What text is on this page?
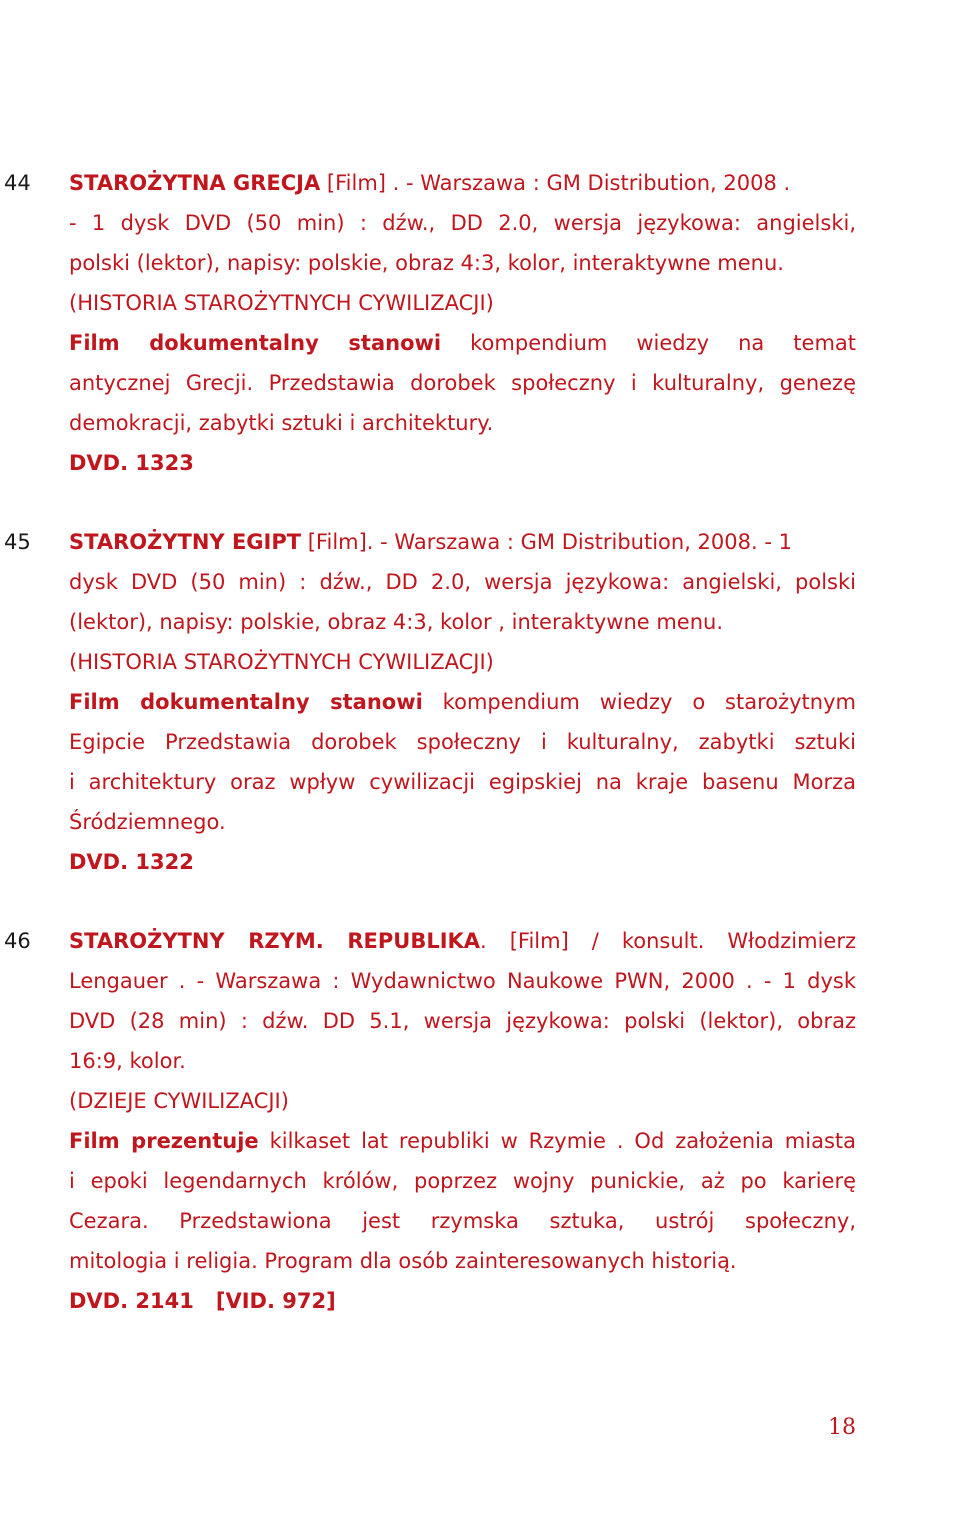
44 STAROŻYTNA GRECJA [Film] . - Warszawa : GM Distribution, 2008 .
- 1 dysk DVD (50 min) : dźw., DD 2.0, wersja językowa: angielski,
polski (lektor), napisy: polskie, obraz 4:3, kolor, interaktywne menu.
(HISTORIA STAROŻYTNYCH CYWILIZACJI)
Film dokumentalny stanowi kompendium wiedzy na temat
antycznej Grecji. Przedstawia dorobek społeczny i kulturalny, genezę
demokracji, zabytki sztuki i architektury.
DVD. 1323
45 STAROŻYTNY EGIPT [Film]. - Warszawa : GM Distribution, 2008. - 1
dysk DVD (50 min) : dźw., DD 2.0, wersja językowa: angielski, polski
(lektor), napisy: polskie, obraz 4:3, kolor , interaktywne menu.
(HISTORIA STAROŻYTNYCH CYWILIZACJI)
Film dokumentalny stanowi kompendium wiedzy o starożytnym
Egipcie Przedstawia dorobek społeczny i kulturalny, zabytki sztuki
i architektury oraz wpływ cywilizacji egipskiej na kraje basenu Morza
Śródziemnego.
DVD. 1322
46 STAROŻYTNY RZYM. REPUBLIKA. [Film] / konsult. Włodzimierz
Lengauer . - Warszawa : Wydawnictwo Naukowe PWN, 2000 . - 1 dysk
DVD (28 min) : dźw. DD 5.1, wersja językowa: polski (lektor), obraz
16:9, kolor.
(DZIEJE CYWILIZACJI)
Film prezentuje kilkaset lat republiki w Rzymie . Od założenia miasta
i epoki legendarnych królów, poprzez wojny punickie, aż po karierę
Cezara. Przedstawiona jest rzymska sztuka, ustrój społeczny,
mitologia i religia. Program dla osób zainteresowanych historią.
DVD. 2141 [VID. 972]
18
